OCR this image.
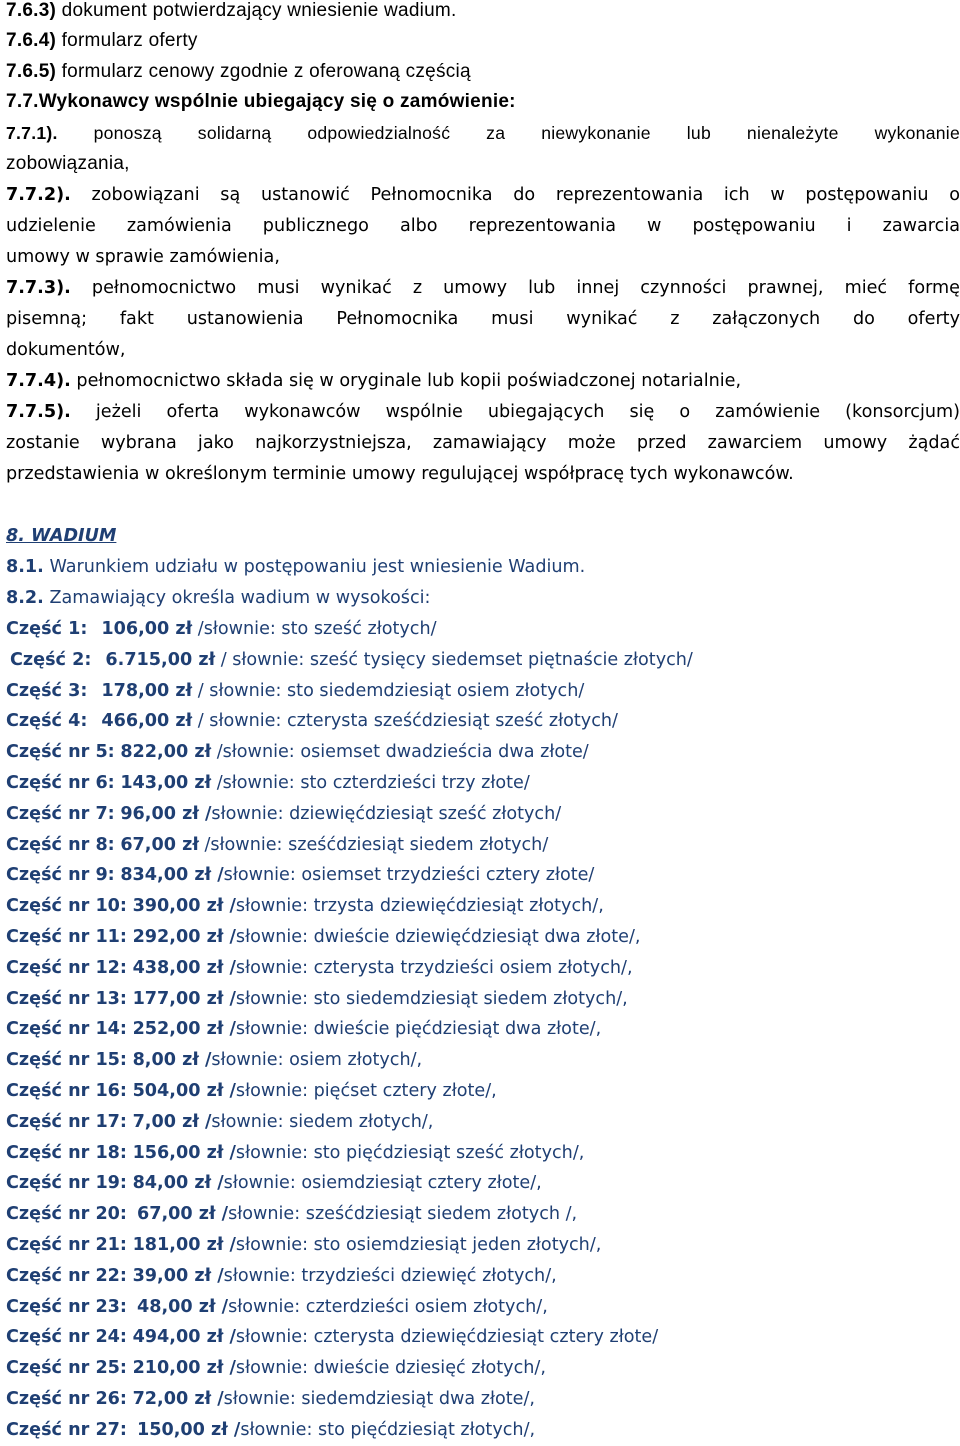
7.6.3) dokument potwierdzający wniesienie wadium.
7.6.4) formularz oferty
7.6.5) formularz cenowy zgodnie z oferowaną częścią
7.7.Wykonawcy wspólnie ubiegający się o zamówienie:
7.7.1). ponoszą solidarną odpowiedzialność za niewykonanie lub nienależyte wykonanie
zobowiązania,
7.7.2). zobowiązani są ustanowić Pełnomocnika do reprezentowania ich w postępowaniu o
udzielenie zamówienia publicznego albo reprezentowania w postępowaniu i zawarcia
umowy w sprawie zamówienia,
7.7.3). pełnomocnictwo musi wynikać z umowy lub innej czynności prawnej, mieć formę
pisemną; fakt ustanowienia Pełnomocnika musi wynikać z załączonych do oferty
dokumentów,
7.7.4). pełnomocnictwo składa się w oryginale lub kopii poświadczonej notarialnie,
7.7.5). jeżeli oferta wykonawców wspólnie ubiegających się o zamówienie (konsorcjum)
zostanie wybrana jako najkorzystniejsza, zamawiający może przed zawarciem umowy żądać
przedstawienia w określonym terminie umowy regulującej współpracę tych wykonawców.
8. WADIUM
8.1. Warunkiem udziału w postępowaniu jest wniesienie Wadium.
8.2. Zamawiający określa wadium w wysokości:
Część 1: 106,00 zł /słownie: sto sześć złotych/
Część 2: 6.715,00 zł / słownie: sześć tysięcy siedemset piętnaście złotych/
Część 3: 178,00 zł / słownie: sto siedemdziesiąt osiem złotych/
Część 4: 466,00 zł / słownie: czterysta sześćdziesiąt sześć złotych/
Część nr 5: 822,00 zł /słownie: osiemset dwadzieścia dwa złote/
Część nr 6: 143,00 zł /słownie: sto czterdzieści trzy złote/
Część nr 7: 96,00 zł /słownie: dziewięćdziesiąt sześć złotych/
Część nr 8: 67,00 zł /słownie: sześćdziesiąt siedem złotych/
Część nr 9: 834,00 zł /słownie: osiemset trzydzieści cztery złote/
Część nr 10: 390,00 zł /słownie: trzysta dziewięćdziesiąt złotych/,
Część nr 11: 292,00 zł /słownie: dwieście dziewięćdziesiąt dwa złote/,
Część nr 12: 438,00 zł /słownie: czterysta trzydzieści osiem złotych/,
Część nr 13: 177,00 zł /słownie: sto siedemdziesiąt siedem złotych/,
Część nr 14: 252,00 zł /słownie: dwieście pięćdziesiąt dwa złote/,
Część nr 15: 8,00 zł /słownie: osiem złotych/,
Część nr 16: 504,00 zł /słownie: pięćset cztery złote/,
Część nr 17: 7,00 zł /słownie: siedem złotych/,
Część nr 18: 156,00 zł /słownie: sto pięćdziesiąt sześć złotych/,
Część nr 19: 84,00 zł /słownie: osiemdziesiąt cztery złote/,
Część nr 20: 67,00 zł /słownie: sześćdziesiąt siedem złotych /,
Część nr 21: 181,00 zł /słownie: sto osiemdziesiąt jeden złotych/,
Część nr 22: 39,00 zł /słownie: trzydzieści dziewięć złotych/,
Część nr 23: 48,00 zł /słownie: czterdzieści osiem złotych/,
Część nr 24: 494,00 zł /słownie: czterysta dziewięćdziesiąt cztery złote/
Część nr 25: 210,00 zł /słownie: dwieście dziesięć złotych/,
Część nr 26: 72,00 zł /słownie: siedemdziesiąt dwa złote/,
Część nr 27: 150,00 zł /słownie: sto pięćdziesiąt złotych/,
